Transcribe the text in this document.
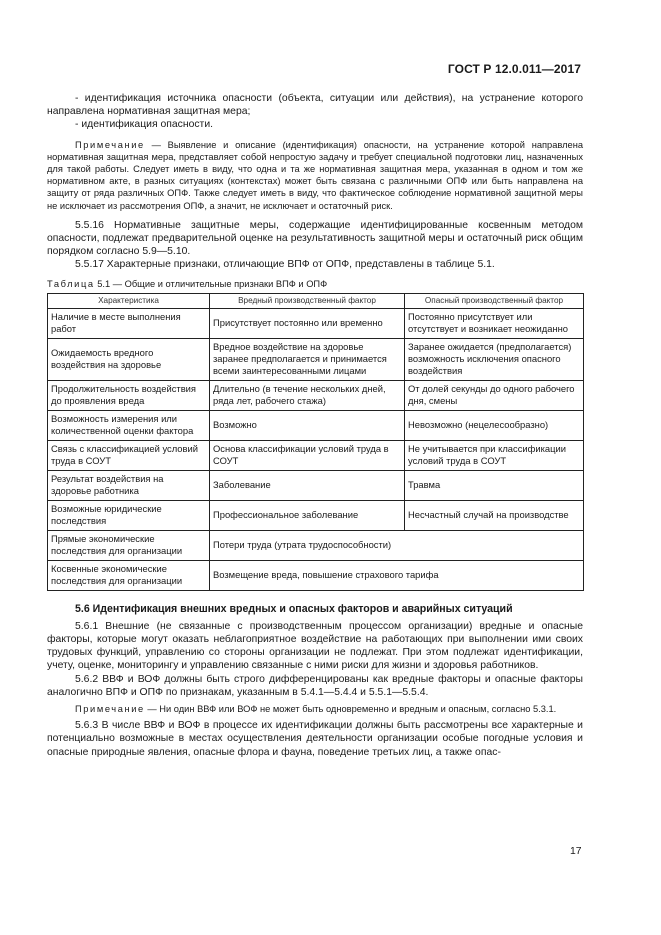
ГОСТ Р 12.0.011—2017

- идентификация источника опасности (объекта, ситуации или действия), на устранение которого направлена нормативная защитная мера;

- идентификация опасности.

Примечание — Выявление и описание (идентификация) опасности, на устранение которой направлена нормативная защитная мера, представляет собой непростую задачу и требует специальной подготовки лиц, назначенных для такой работы. Следует иметь в виду, что одна и та же нормативная защитная мера, указанная в одном и том же нормативном акте, в разных ситуациях (контекстах) может быть связана с различными ОПФ или быть направлена на защиту от ряда различных ОПФ. Также следует иметь в виду, что фактическое соблюдение нормативной защитной меры не исключает из рассмотрения ОПФ, а значит, не исключает и остаточный риск.

5.5.16 Нормативные защитные меры, содержащие идентифицированные косвенным методом опасности, подлежат предварительной оценке на результативность защитной меры и остаточный риск общим порядком согласно 5.9—5.10.

5.5.17 Характерные признаки, отличающие ВПФ от ОПФ, представлены в таблице 5.1.

Таблица 5.1 — Общие и отличительные признаки ВПФ и ОПФ

Характеристика	Вредный производственный фактор	Опасный производственный фактор
Наличие в месте выполнения работ	Присутствует постоянно или временно	Постоянно присутствует или отсутствует и возникает неожиданно
Ожидаемость вредного воздействия на здоровье	Вредное воздействие на здоровье заранее предполагается и принимается всеми заинтересованными лицами	Заранее ожидается (предполагается) возможность исключения опасного воздействия
Продолжительность воздействия до проявления вреда	Длительно (в течение нескольких дней, ряда лет, рабочего стажа)	От долей секунды до одного рабочего дня, смены
Возможность измерения или количественной оценки фактора	Возможно	Невозможно (нецелесообразно)
Связь с классификацией условий труда в СОУТ	Основа классификации условий труда в СОУТ	Не учитывается при классификации условий труда в СОУТ
Результат воздействия на здоровье работника	Заболевание	Травма
Возможные юридические последствия	Профессиональное заболевание	Несчастный случай на производстве
Прямые экономические последствия для организации	Потери труда (утрата трудоспособности)	
Косвенные экономические последствия для организации	Возмещение вреда, повышение страхового тарифа	

5.6 Идентификация внешних вредных и опасных факторов и аварийных ситуаций

5.6.1 Внешние (не связанные с производственным процессом организации) вредные и опасные факторы, которые могут оказать неблагоприятное воздействие на работающих при выполнении ими своих трудовых функций, управлению со стороны организации не подлежат. При этом подлежат идентификации, учету, оценке, мониторингу и управлению связанные с ними риски для жизни и здоровья работников.

5.6.2 ВВФ и ВОФ должны быть строго дифференцированы как вредные факторы и опасные факторы аналогично ВПФ и ОПФ по признакам, указанным в 5.4.1—5.4.4 и 5.5.1—5.5.4.

Примечание — Ни один ВВФ или ВОФ не может быть одновременно и вредным и опасным, согласно 5.3.1.

5.6.3 В числе ВВФ и ВОФ в процессе их идентификации должны быть рассмотрены все характерные и потенциально возможные в местах осуществления деятельности организации особые погодные условия и опасные природные явления, опасные флора и фауна, поведение третьих лиц, а также опас-

17
